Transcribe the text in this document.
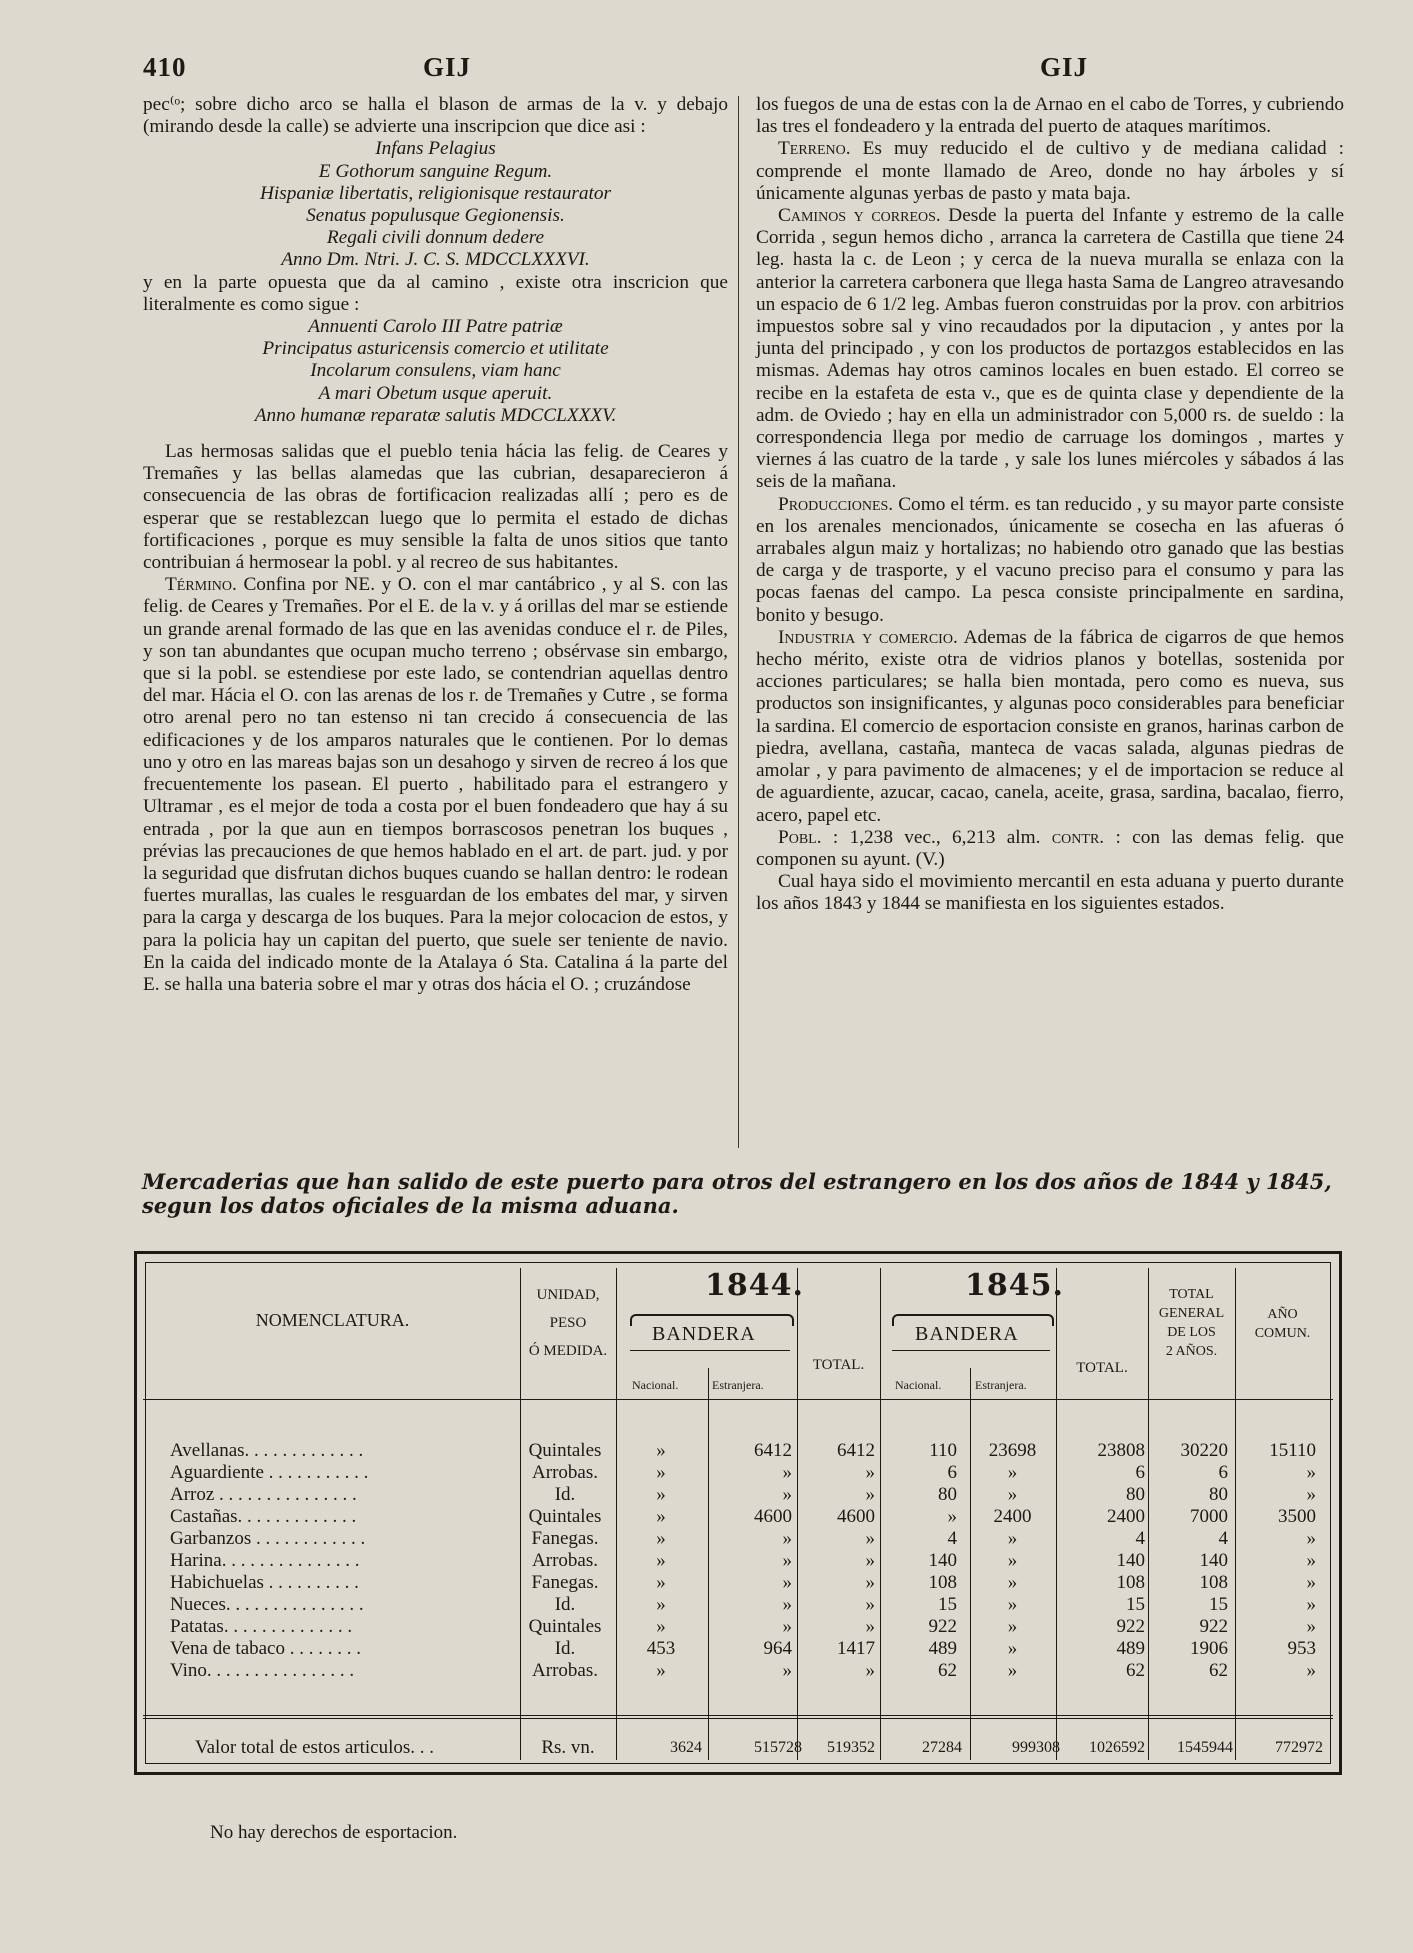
410	GIJ	GIJ

pec⁽ᵒ; sobre dicho arco se halla el blason de armas de la v. y debajo (mirando desde la calle) se advierte una inscripcion que dice asi :

Infans Pelagius

E Gothorum sanguine Regum.

Hispaniæ libertatis, religionisque restaurator

Senatus populusque Gegionensis.

Regali civili donnum dedere

Anno Dm. Ntri. J. C. S. MDCCLXXXVI.

y en la parte opuesta que da al camino , existe otra inscricion que literalmente es como sigue :

Annuenti Carolo III Patre patriæ

Principatus asturicensis comercio et utilitate

Incolarum consulens, viam hanc

A mari Obetum usque aperuit.

Anno humanæ reparatæ salutis MDCCLXXXV.

Las hermosas salidas que el pueblo tenia hácia las felig. de Ceares y Tremañes y las bellas alamedas que las cubrian, desaparecieron á consecuencia de las obras de fortificacion realizadas allí ; pero es de esperar que se restablezcan luego que lo permita el estado de dichas fortificaciones , porque es muy sensible la falta de unos sitios que tanto contribuian á hermosear la pobl. y al recreo de sus habitantes.

Término. Confina por NE. y O. con el mar cantábrico , y al S. con las felig. de Ceares y Tremañes. Por el E. de la v. y á orillas del mar se estiende un grande arenal formado de las que en las avenidas conduce el r. de Piles, y son tan abundantes que ocupan mucho terreno ; obsérvase sin embargo, que si la pobl. se estendiese por este lado, se contendrian aquellas dentro del mar. Hácia el O. con las arenas de los r. de Tremañes y Cutre , se forma otro arenal pero no tan estenso ni tan crecido á consecuencia de las edificaciones y de los amparos naturales que le contienen. Por lo demas uno y otro en las mareas bajas son un desahogo y sirven de recreo á los que frecuentemente los pasean. El puerto , habilitado para el estrangero y Ultramar , es el mejor de toda a costa por el buen fondeadero que hay á su entrada , por la que aun en tiempos borrascosos penetran los buques , prévias las precauciones de que hemos hablado en el art. de part. jud. y por la seguridad que disfrutan dichos buques cuando se hallan dentro: le rodean fuertes murallas, las cuales le resguardan de los embates del mar, y sirven para la carga y descarga de los buques. Para la mejor colocacion de estos, y para la policia hay un capitan del puerto, que suele ser teniente de navio. En la caida del indicado monte de la Atalaya ó Sta. Catalina á la parte del E. se halla una bateria sobre el mar y otras dos hácia el O. ; cruzándose

los fuegos de una de estas con la de Arnao en el cabo de Torres, y cubriendo las tres el fondeadero y la entrada del puerto de ataques marítimos.

Terreno. Es muy reducido el de cultivo y de mediana calidad : comprende el monte llamado de Areo, donde no hay árboles y sí únicamente algunas yerbas de pasto y mata baja.

Caminos y correos. Desde la puerta del Infante y estremo de la calle Corrida , segun hemos dicho , arranca la carretera de Castilla que tiene 24 leg. hasta la c. de Leon ; y cerca de la nueva muralla se enlaza con la anterior la carretera carbonera que llega hasta Sama de Langreo atravesando un espacio de 6 1/2 leg. Ambas fueron construidas por la prov. con arbitrios impuestos sobre sal y vino recaudados por la diputacion , y antes por la junta del principado , y con los productos de portazgos establecidos en las mismas. Ademas hay otros caminos locales en buen estado. El correo se recibe en la estafeta de esta v., que es de quinta clase y dependiente de la adm. de Oviedo ; hay en ella un administrador con 5,000 rs. de sueldo : la correspondencia llega por medio de carruage los domingos , martes y viernes á las cuatro de la tarde , y sale los lunes miércoles y sábados á las seis de la mañana.

Producciones. Como el térm. es tan reducido , y su mayor parte consiste en los arenales mencionados, únicamente se cosecha en las afueras ó arrabales algun maiz y hortalizas; no habiendo otro ganado que las bestias de carga y de trasporte, y el vacuno preciso para el consumo y para las pocas faenas del campo. La pesca consiste principalmente en sardina, bonito y besugo.

Industria y comercio. Ademas de la fábrica de cigarros de que hemos hecho mérito, existe otra de vidrios planos y botellas, sostenida por acciones particulares; se halla bien montada, pero como es nueva, sus productos son insignificantes, y algunas poco considerables para beneficiar la sardina. El comercio de esportacion consiste en granos, harinas carbon de piedra, avellana, castaña, manteca de vacas salada, algunas piedras de amolar , y para pavimento de almacenes; y el de importacion se reduce al de aguardiente, azucar, cacao, canela, aceite, grasa, sardina, bacalao, fierro, acero, papel etc.

Pobl. : 1,238 vec., 6,213 alm. contr. : con las demas felig. que componen su ayunt. (V.)

Cual haya sido el movimiento mercantil en esta aduana y puerto durante los años 1843 y 1844 se manifiesta en los siguientes estados.

Mercaderias que han salido de este puerto para otros del estrangero en los dos años de 1844 y 1845, segun los datos oficiales de la misma aduana.
NOMENCLATURA.
UNIDAD,
PESO
Ó MEDIDA.
1844.
BANDERA
Nacional.	Estranjera.
TOTAL.
1845.
BANDERA
Nacional.	Estranjera.
TOTAL.
TOTAL
GENERAL
DE LOS
2 AÑOS.
AÑO
COMUN.
Avellanas. . . . . . . . . . . . .	Quintales	»	6412	6412	110	23698	23808	30220	15110
Aguardiente . . . . . . . . . . .	Arrobas.	»	»	»	6	»	6	6	»
Arroz . . . . . . . . . . . . . . .	Id.	»	»	»	80	»	80	80	»
Castañas. . . . . . . . . . . . .	Quintales	»	4600	4600	»	2400	2400	7000	3500
Garbanzos . . . . . . . . . . . .	Fanegas.	»	»	»	4	»	4	4	»
Harina. . . . . . . . . . . . . . .	Arrobas.	»	»	»	140	»	140	140	»
Habichuelas . . . . . . . . . .	Fanegas.	»	»	»	108	»	108	108	»
Nueces. . . . . . . . . . . . . . .	Id.	»	»	»	15	»	15	15	»
Patatas. . . . . . . . . . . . . .	Quintales	»	»	»	922	»	922	922	»
Vena de tabaco . . . . . . . .	Id.	453	964	1417	489	»	489	1906	953
Vino. . . . . . . . . . . . . . . .	Arrobas.	»	»	»	62	»	62	62	»
Valor total de estos articulos. . .	Rs. vn.	3624	515728	519352	27284	999308	1026592	1545944	772972
No hay derechos de esportacion.
